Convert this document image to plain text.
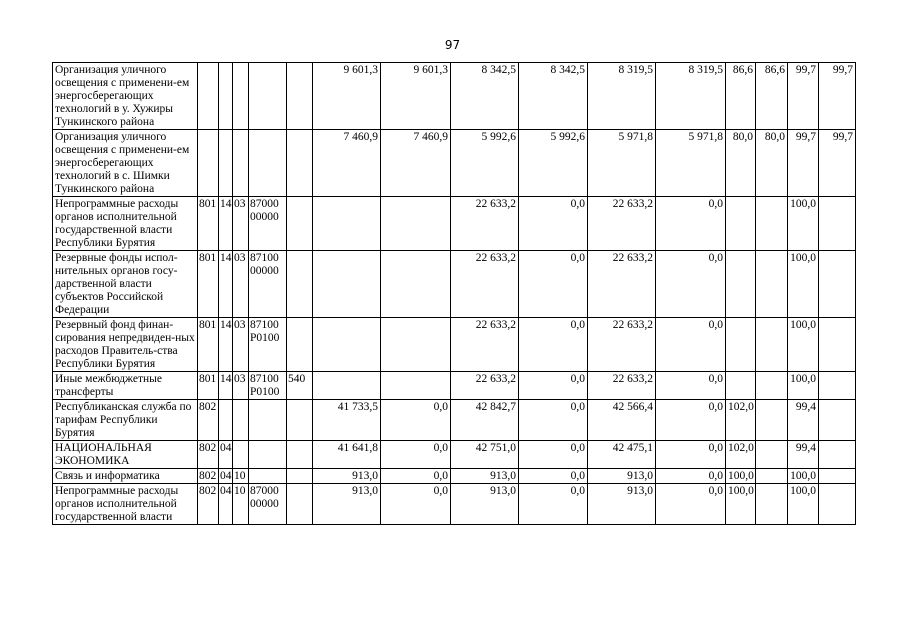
97
Организация уличного освещения с применени-ем энергосберегающих технологий в у. Хужиры Тункинского района						9 601,3	9 601,3	8 342,5	8 342,5	8 319,5	8 319,5	86,6	86,6	99,7	99,7
Организация уличного освещения с применени-ем энергосберегающих технологий в с. Шимки Тункинского района						7 460,9	7 460,9	5 992,6	5 992,6	5 971,8	5 971,8	80,0	80,0	99,7	99,7
Непрограммные расходы органов исполнительной государственной власти Республики Бурятия	801	14	03	87000 00000				22 633,2	0,0	22 633,2	0,0			100,0	
Резервные фонды испол-нительных органов госу-дарственной власти субъектов Российской Федерации	801	14	03	87100 00000				22 633,2	0,0	22 633,2	0,0			100,0	
Резервный фонд финан-сирования непредвиден-ных расходов Правитель-ства Республики Бурятия	801	14	03	87100 Р0100				22 633,2	0,0	22 633,2	0,0			100,0	
Иные межбюджетные трансферты	801	14	03	87100 Р0100	540			22 633,2	0,0	22 633,2	0,0			100,0	
Республиканская служба по тарифам Республики Бурятия	802					41 733,5	0,0	42 842,7	0,0	42 566,4	0,0	102,0		99,4	
НАЦИОНАЛЬНАЯ ЭКОНОМИКА	802	04				41 641,8	0,0	42 751,0	0,0	42 475,1	0,0	102,0		99,4	
Связь и информатика	802	04	10			913,0	0,0	913,0	0,0	913,0	0,0	100,0		100,0	
Непрограммные расходы органов исполнительной государственной власти	802	04	10	87000 00000		913,0	0,0	913,0	0,0	913,0	0,0	100,0		100,0	
